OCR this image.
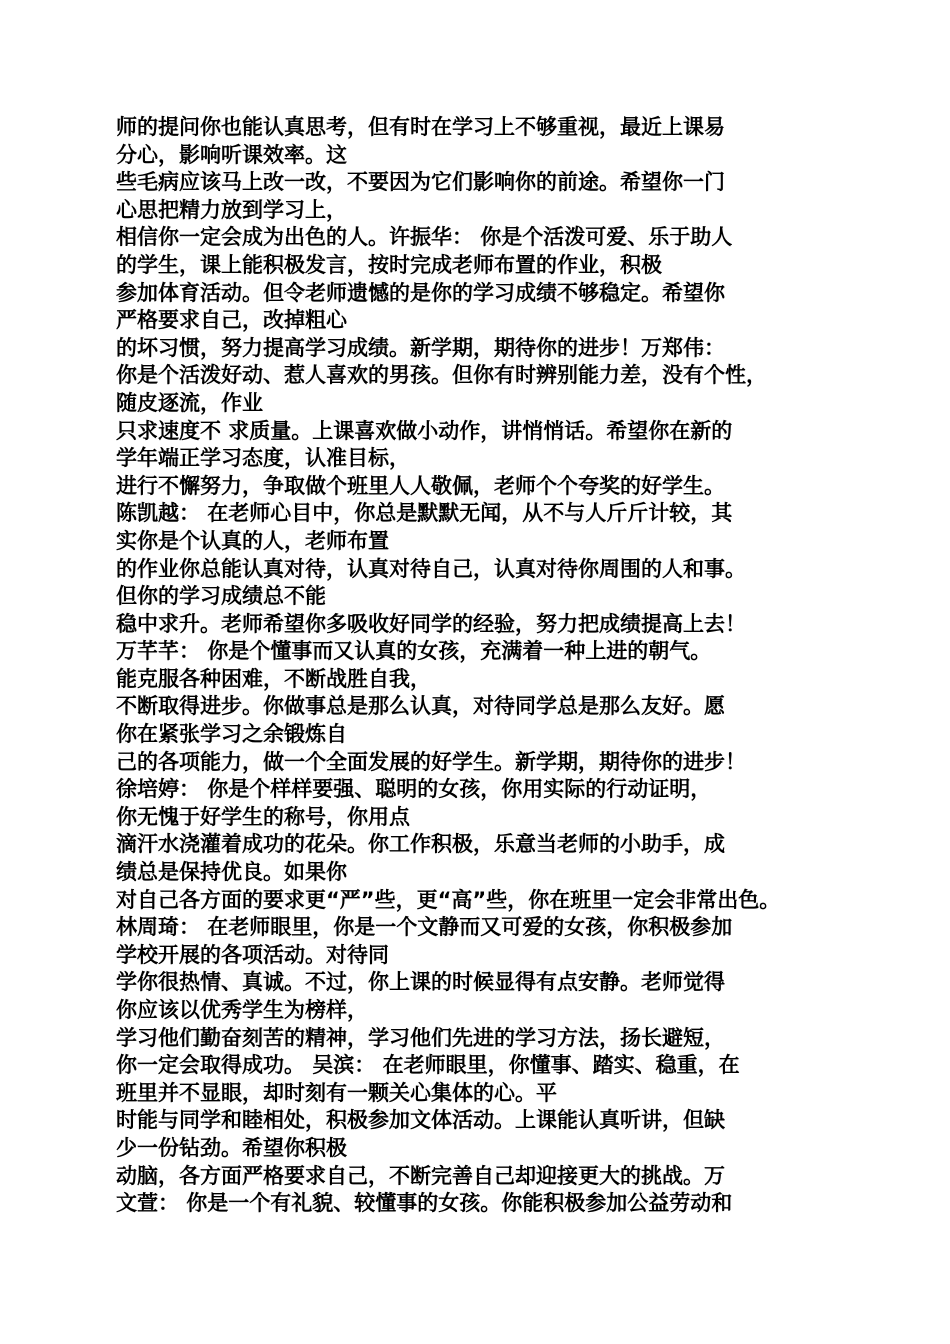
师的提问你也能认真思考，但有时在学习上不够重视，最近上课易
分心，影响听课效率。这
些毛病应该马上改一改，不要因为它们影响你的前途。希望你一门
心思把精力放到学习上，
相信你一定会成为出色的人。许振华： 你是个活泼可爱、乐于助人
的学生，课上能积极发言，按时完成老师布置的作业，积极
参加体育活动。但令老师遗憾的是你的学习成绩不够稳定。希望你
严格要求自己，改掉粗心
的坏习惯，努力提高学习成绩。新学期，期待你的进步！万郑伟：
你是个活泼好动、惹人喜欢的男孩。但你有时辨别能力差，没有个性，
随皮逐流，作业
只求速度不 求质量。上课喜欢做小动作，讲悄悄话。希望你在新的
学年端正学习态度，认准目标，
进行不懈努力，争取做个班里人人敬佩，老师个个夸奖的好学生。
陈凯越： 在老师心目中，你总是默默无闻，从不与人斤斤计较，其
实你是个认真的人，老师布置
的作业你总能认真对待，认真对待自己，认真对待你周围的人和事。
但你的学习成绩总不能
稳中求升。老师希望你多吸收好同学的经验，努力把成绩提高上去！
万芊芊： 你是个懂事而又认真的女孩，充满着一种上进的朝气。
能克服各种困难，不断战胜自我，
不断取得进步。你做事总是那么认真，对待同学总是那么友好。愿
你在紧张学习之余锻炼自
己的各项能力，做一个全面发展的好学生。新学期，期待你的进步！
徐培婷： 你是个样样要强、聪明的女孩，你用实际的行动证明，
你无愧于好学生的称号，你用点
滴汗水浇灌着成功的花朵。你工作积极，乐意当老师的小助手，成
绩总是保持优良。如果你
对自己各方面的要求更“严”些，更“高”些，你在班里一定会非常出色。
林周琦： 在老师眼里，你是一个文静而又可爱的女孩，你积极参加
学校开展的各项活动。对待同
学你很热情、真诚。不过，你上课的时候显得有点安静。老师觉得
你应该以优秀学生为榜样，
学习他们勤奋刻苦的精神，学习他们先进的学习方法，扬长避短，
你一定会取得成功。 吴滨： 在老师眼里，你懂事、踏实、稳重，在
班里并不显眼，却时刻有一颗关心集体的心。平
时能与同学和睦相处，积极参加文体活动。上课能认真听讲，但缺
少一份钻劲。希望你积极
动脑，各方面严格要求自己，不断完善自己却迎接更大的挑战。万
文萱： 你是一个有礼貌、较懂事的女孩。你能积极参加公益劳动和
